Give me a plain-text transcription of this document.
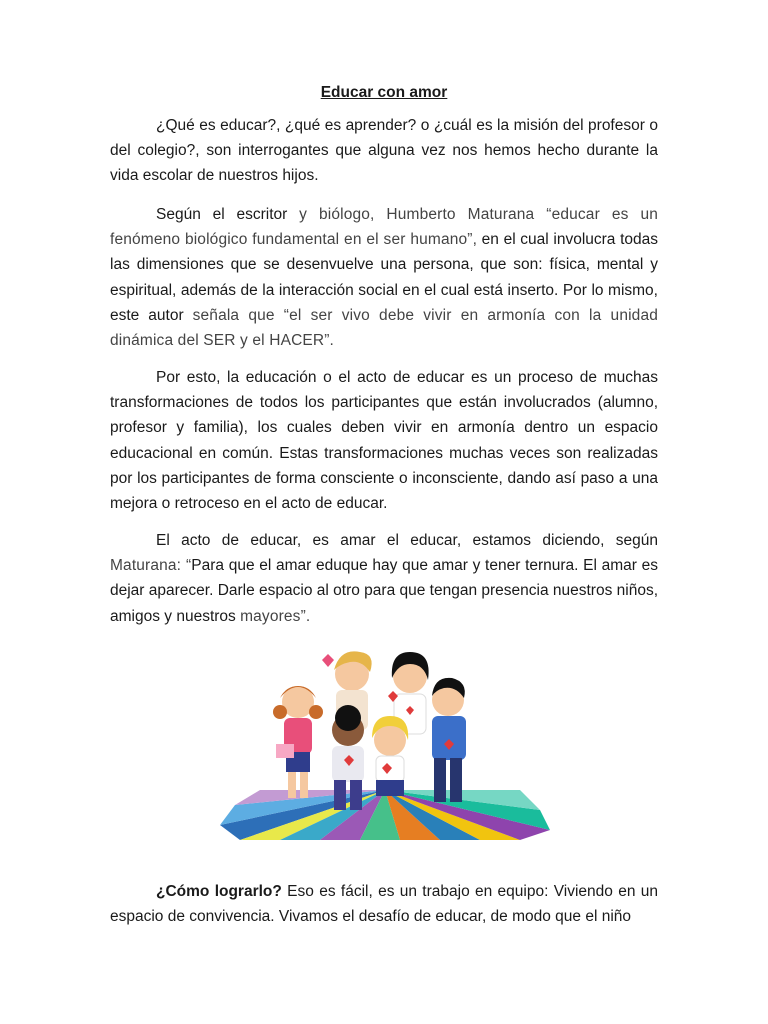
Educar con amor

¿Qué es educar?, ¿qué es aprender? o ¿cuál es la misión del profesor o del colegio?, son interrogantes que alguna vez nos hemos hecho durante la vida escolar de nuestros hijos.

Según el escritor y biólogo, Humberto Maturana “educar es un fenómeno biológico fundamental en el ser humano”, en el cual involucra todas las dimensiones que se desenvuelve una persona, que son: física, mental y espiritual, además de la interacción social en el cual está inserto. Por lo mismo, este autor señala que “el ser vivo debe vivir en armonía con la unidad dinámica del SER y el HACER”.

Por esto, la educación o el acto de educar es un proceso de muchas transformaciones de todos los participantes que están involucrados (alumno, profesor y familia), los cuales deben vivir en armonía dentro un espacio educacional en común. Estas transformaciones muchas veces son realizadas por los participantes de forma consciente o inconsciente, dando así paso a una mejora o retroceso en el acto de educar.

El acto de educar, es amar el educar, estamos diciendo, según Maturana: “Para que el amar eduque hay que amar y tener ternura. El amar es dejar aparecer. Darle espacio al otro para que tengan presencia nuestros niños, amigos y nuestros mayores”.

¿Cómo lograrlo? Eso es fácil, es un trabajo en equipo: Viviendo en un espacio de convivencia. Vivamos el desafío de educar, de modo que el niño
